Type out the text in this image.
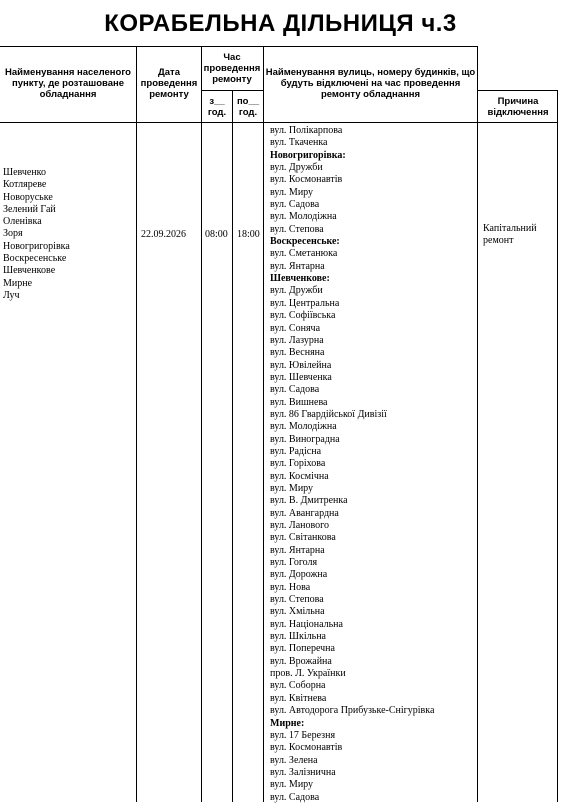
КОРАБЕЛЬНА ДІЛЬНИЦЯ ч.3
Найменування населеного пункту, де розташоване обладнання
Дата проведення ремонту
Час проведення ремонту
з__ год.
по__ год.
Найменування вулиць, номеру будинків, що будуть відключені на час проведення ремонту обладнання
Причина відключення
Шевченко
Котляреве
Новоруське
Зелений Гай
Оленівка
Зоря
Новогригорівка
Воскресенське
Шевченкове
Мирне
Луч
22.09.2026 08:00 18:00
Капітальний
ремонт
вул. Полікарпова
вул. Ткаченка
Новогригорівка:
вул. Дружби
вул. Космонавтів
вул. Миру
вул. Садова
вул. Молодіжна
вул. Степова
Воскресенське:
вул. Сметанюка
вул. Янтарна
Шевченкове:
вул. Дружби
вул. Центральна
вул. Софіївська
вул. Соняча
вул. Лазурна
вул. Весняна
вул. Ювілейна
вул. Шевченка
вул. Садова
вул. Вишнева
вул. 86 Гвардійської Дивізії
вул. Молодіжна
вул. Виноградна
вул. Радісна
вул. Горіхова
вул. Космічна
вул. Миру
вул. В. Дмитренка
вул. Авангардна
вул. Ланового
вул. Світанкова
вул. Янтарна
вул. Гоголя
вул. Дорожна
вул. Нова
вул. Степова
вул. Хмільна
вул. Національна
вул. Шкільна
вул. Поперечна
вул. Врожайна
пров. Л. Українки
вул. Соборна
вул. Квітнева
вул. Автодорога Прибузьке-Снігурівка
Мирне:
вул. 17 Березня
вул. Космонавтів
вул. Зелена
вул. Залізнична
вул. Миру
вул. Садова
